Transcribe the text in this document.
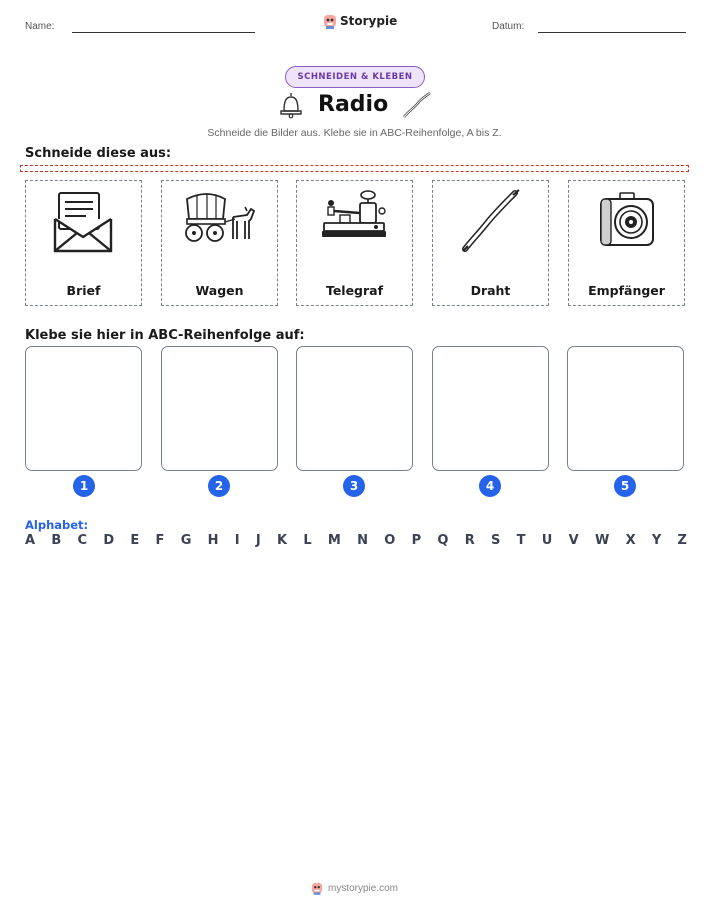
Name:	Storypie	Datum:
SCHNEIDEN & KLEBEN
Radio
Schneide die Bilder aus. Klebe sie in ABC-Reihenfolge, A bis Z.
Schneide diese aus:
Brief	Wagen	Telegraf	Draht	Empfänger
Klebe sie hier in ABC-Reihenfolge auf:
1	2	3	4	5
Alphabet:
A B C D E F G H I J K L M N O P Q R S T U V W X Y Z
mystorypie.com
